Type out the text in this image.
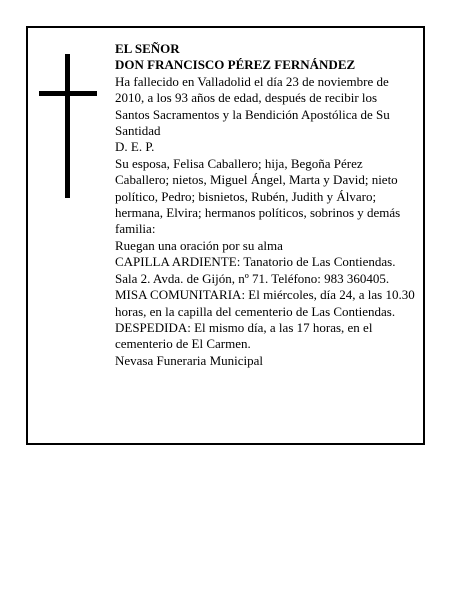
EL SEÑOR

DON FRANCISCO PÉREZ FERNÁNDEZ

Ha fallecido en Valladolid el día 23 de noviembre de 2010, a los 93 años de edad, después de recibir los Santos Sacramentos y la Bendición Apostólica de Su Santidad

D. E. P.

Su esposa, Felisa Caballero; hija, Begoña Pérez Caballero; nietos, Miguel Ángel, Marta y David; nieto político, Pedro; bisnietos, Rubén, Judith y Álvaro; hermana, Elvira; hermanos políticos, sobrinos y demás familia:

Ruegan una oración por su alma

CAPILLA ARDIENTE: Tanatorio de Las Contiendas. Sala 2. Avda. de Gijón, nº 71. Teléfono: 983 360405.

MISA COMUNITARIA: El miércoles, día 24, a las 10.30 horas, en la capilla del cementerio de Las Contiendas.

DESPEDIDA: El mismo día, a las 17 horas, en el cementerio de El Carmen.

Nevasa Funeraria Municipal
